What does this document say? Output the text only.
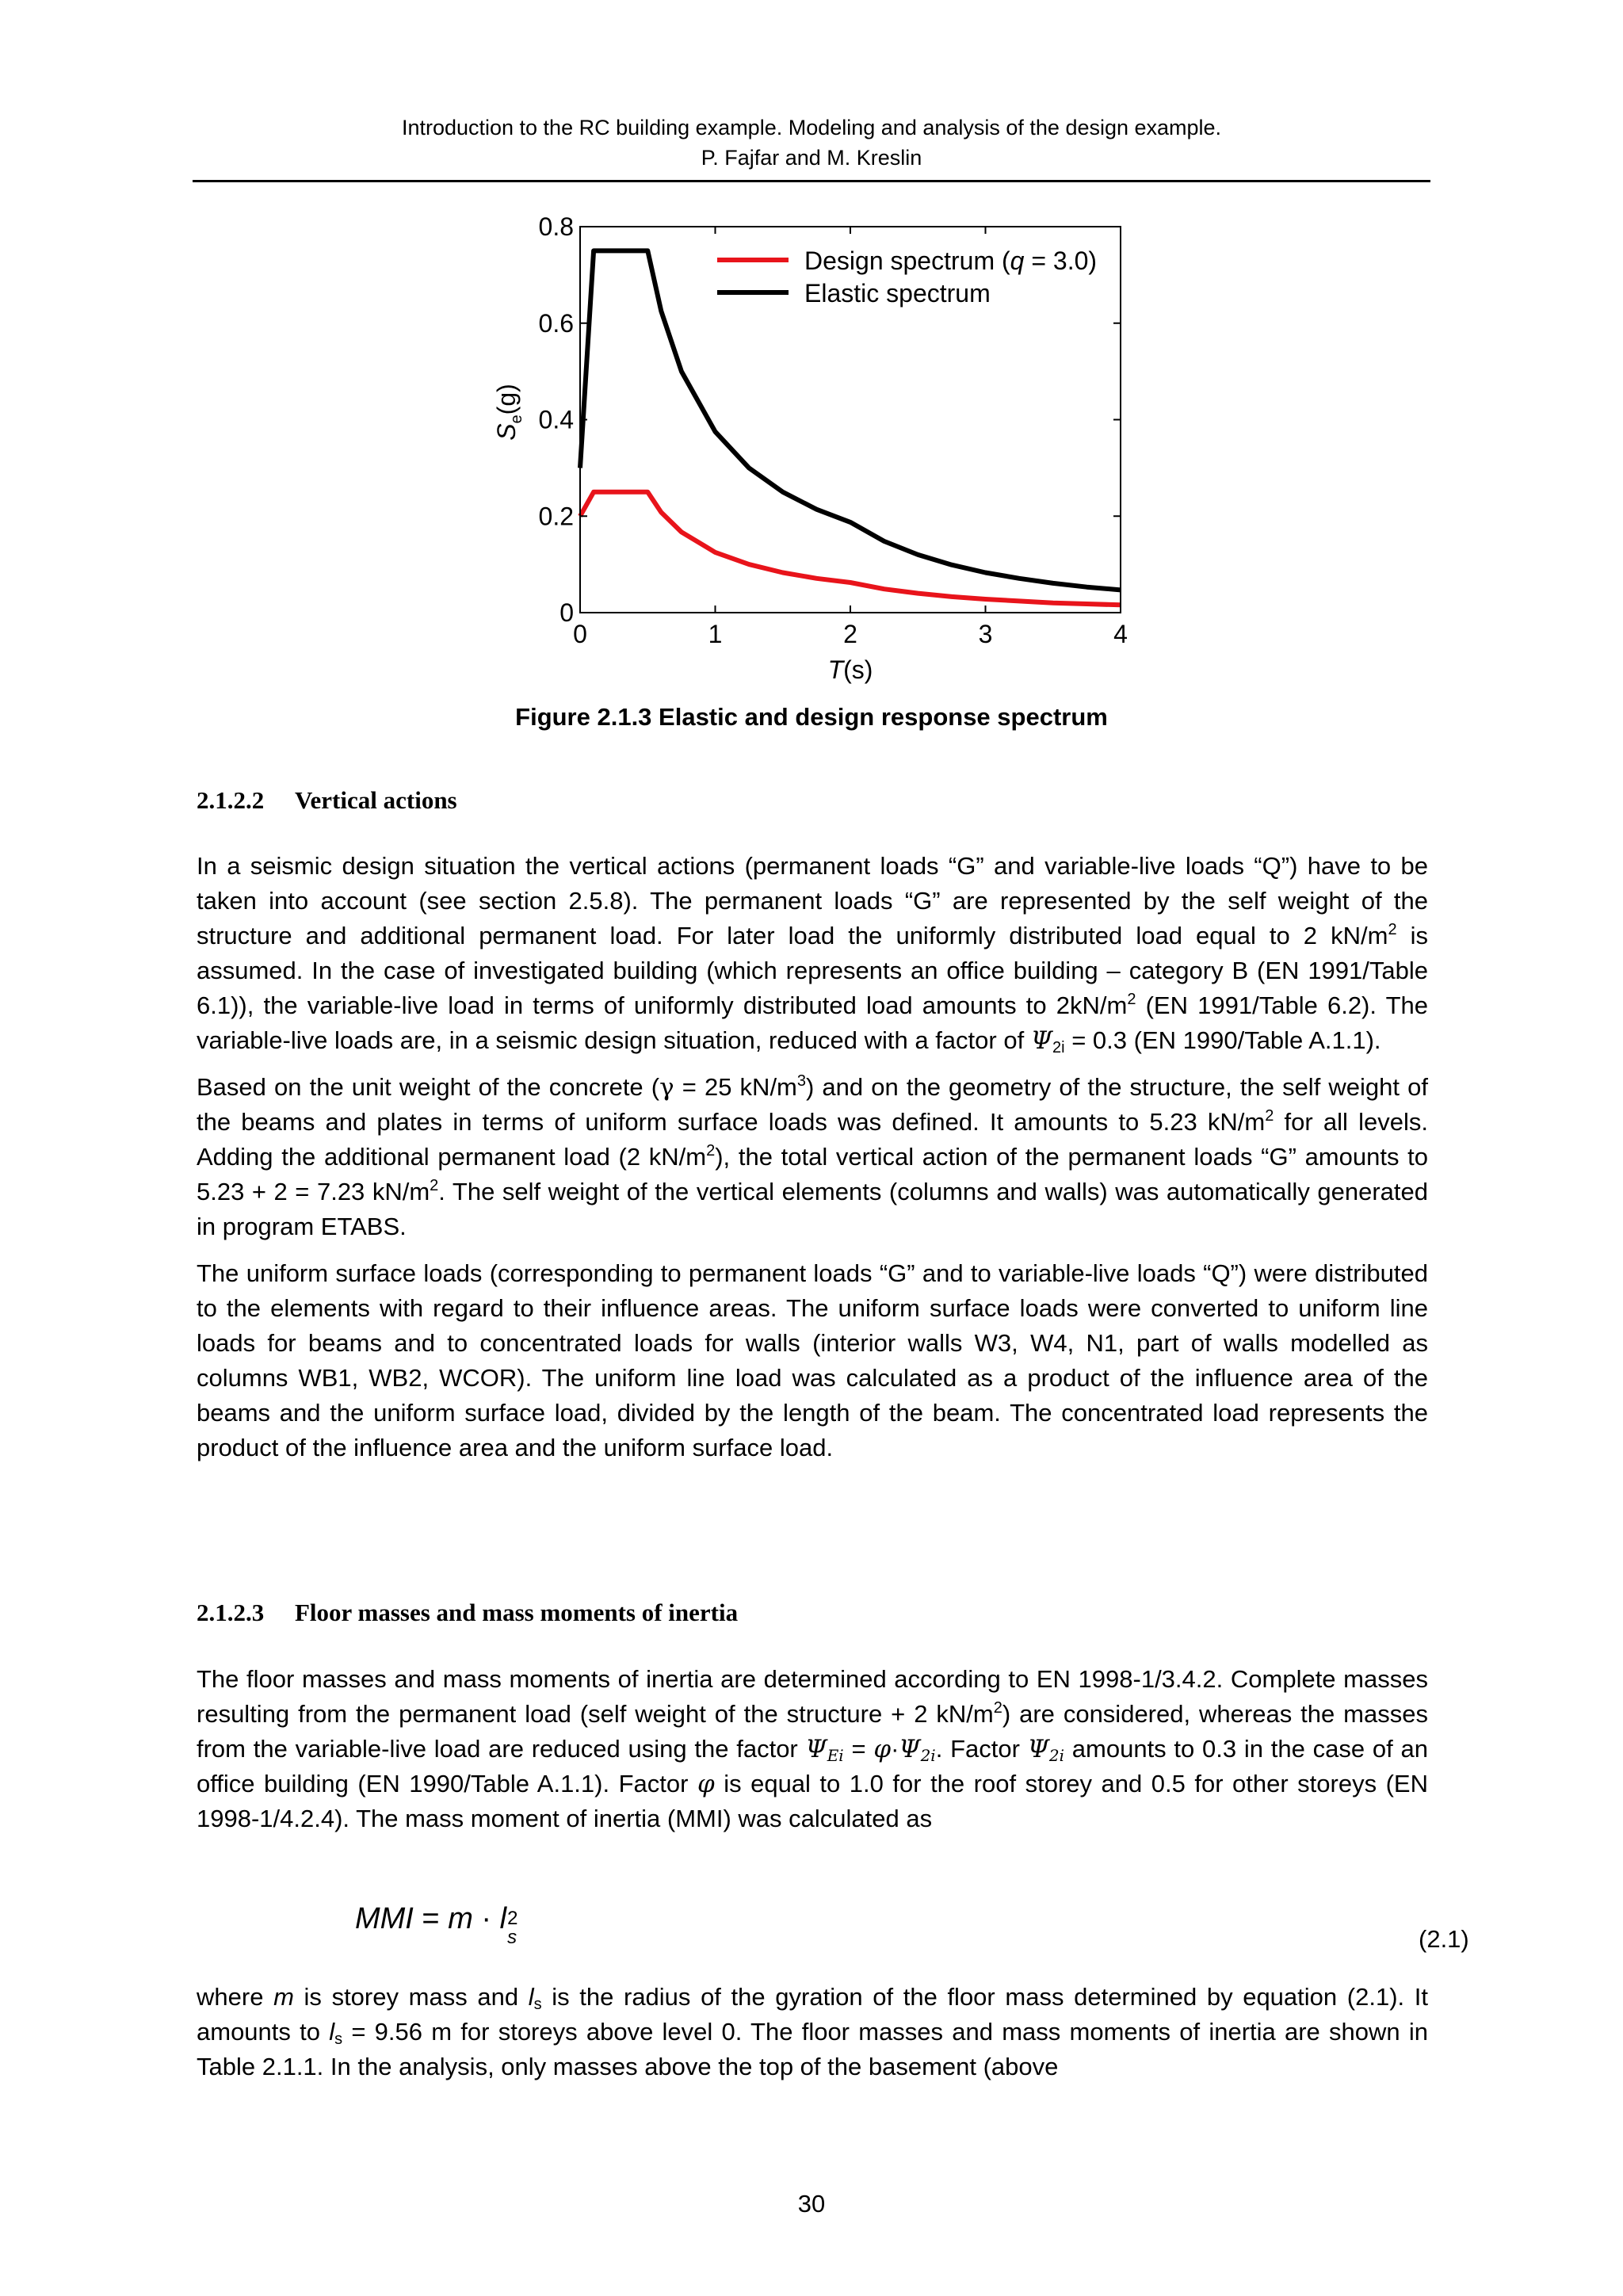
Introduction to the RC building example. Modeling and analysis of the design example.
P. Fajfar and M. Kreslin
0	1	2	3	4
0
0.2
0.4
0.6
0.8
Design spectrum (q = 3.0)
Elastic spectrum
T(s)
$S_e(g)$
Figure 2.1.3 Elastic and design response spectrum
2.1.2.2 Vertical actions

In a seismic design situation the vertical actions (permanent loads “G” and variable-live loads “Q”) have to be taken into account (see section 2.5.8). The permanent loads “G” are represented by the self weight of the structure and additional permanent load. For later load the uniformly distributed load equal to 2 $kN/m^2$ is assumed. In the case of investigated building (which represents an office building – category B (EN 1991/Table 6.1)), the variable-live load in terms of uniformly distributed load amounts to $2kN/m^2$ (EN 1991/Table 6.2). The variable-live loads are, in a seismic design situation, reduced with a factor of $\Psi_{2i} = 0.3$ (EN 1990/Table A.1.1).

Based on the unit weight of the concrete (γ = 25 $kN/m^3$) and on the geometry of the structure, the self weight of the beams and plates in terms of uniform surface loads was defined. It amounts to 5.23 $kN/m^2$ for all levels. Adding the additional permanent load (2 $kN/m^2$), the total vertical action of the permanent loads “G” amounts to 5.23 + 2 = 7.23 $kN/m^2$. The self weight of the vertical elements (columns and walls) was automatically generated in program ETABS.

The uniform surface loads (corresponding to permanent loads “G” and to variable-live loads “Q”) were distributed to the elements with regard to their influence areas. The uniform surface loads were converted to uniform line loads for beams and to concentrated loads for walls (interior walls W3, W4, N1, part of walls modelled as columns WB1, WB2, WCOR). The uniform line load was calculated as a product of the influence area of the beams and the uniform surface load, divided by the length of the beam. The concentrated load represents the product of the influence area and the uniform surface load.

2.1.2.3 Floor masses and mass moments of inertia

The floor masses and mass moments of inertia are determined according to EN 1998-1/3.4.2. Complete masses resulting from the permanent load (self weight of the structure + 2 $kN/m^2$) are considered, whereas the masses from the variable-live load are reduced using the factor $\Psi_{Ei} = \varphi\cdot\Psi_{2i}$. Factor $\Psi_{2i}$ amounts to 0.3 in the case of an office building (EN 1990/Table A.1.1). Factor φ is equal to 1.0 for the roof storey and 0.5 for other storeys (EN 1998-1/4.2.4). The mass moment of inertia (MMI) was calculated as

MMI = m · l 2
s	(2.1)

where m is storey mass and $l_s$ is the radius of the gyration of the floor mass determined by equation (2.1). It amounts to $l_s = 9.56$ m for storeys above level 0. The floor masses and mass moments of inertia are shown in Table 2.1.1. In the analysis, only masses above the top of the basement (above

30
